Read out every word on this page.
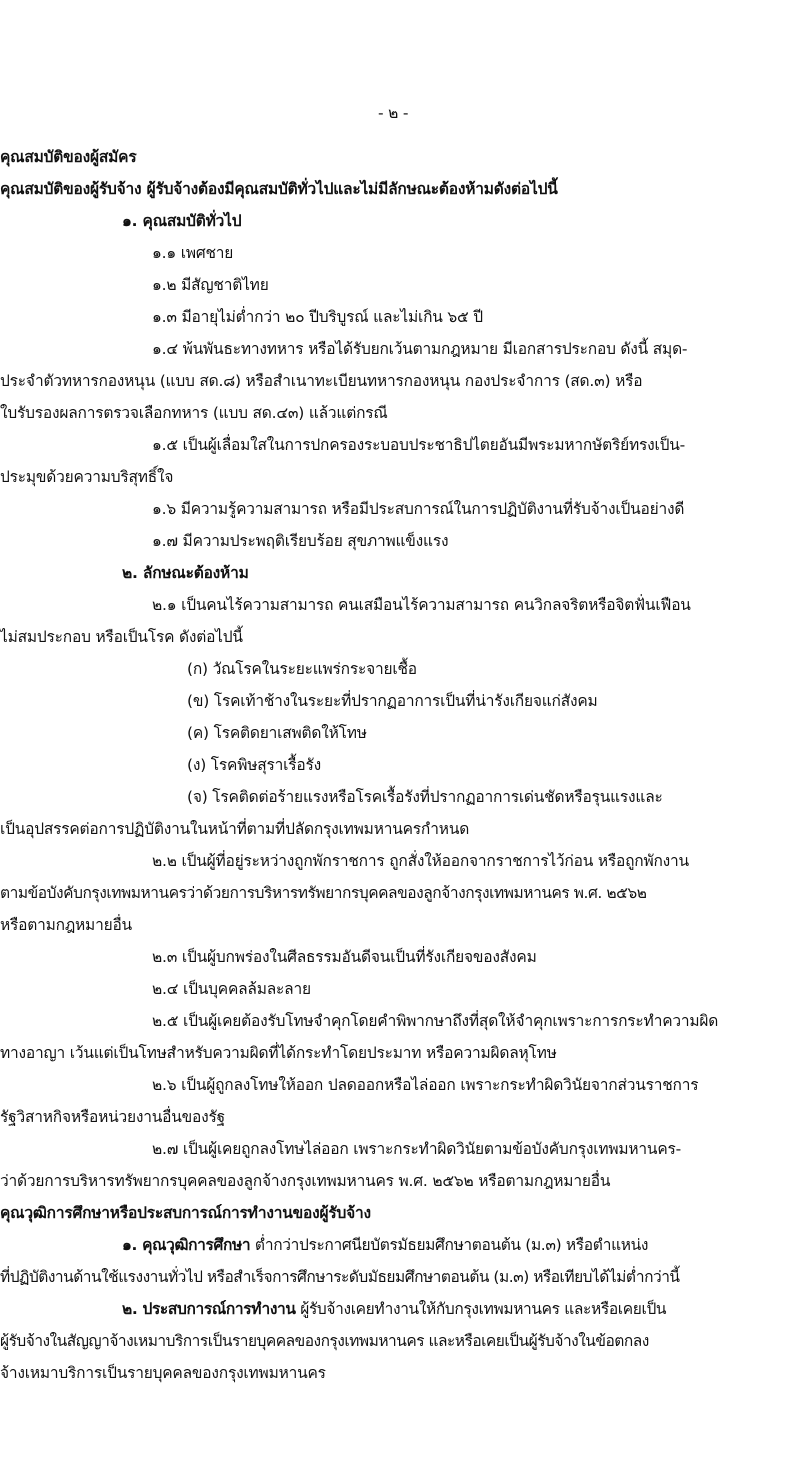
- ๒ -
คุณสมบัติของผู้สมัคร
คุณสมบัติของผู้รับจ้าง ผู้รับจ้างต้องมีคุณสมบัติทั่วไปและไม่มีลักษณะต้องห้ามดังต่อไปนี้
๑. คุณสมบัติทั่วไป
๑.๑ เพศชาย
๑.๒ มีสัญชาติไทย
๑.๓ มีอายุไม่ต่ำกว่า ๒๐ ปีบริบูรณ์ และไม่เกิน ๖๕ ปี
๑.๔ พ้นพันธะทางทหาร หรือได้รับยกเว้นตามกฎหมาย มีเอกสารประกอบ ดังนี้ สมุด-
ประจำตัวทหารกองหนุน (แบบ สด.๘) หรือสำเนาทะเบียนทหารกองหนุน กองประจำการ (สด.๓) หรือ
ใบรับรองผลการตรวจเลือกทหาร (แบบ สด.๔๓) แล้วแต่กรณี
๑.๕ เป็นผู้เลื่อมใสในการปกครองระบอบประชาธิปไตยอันมีพระมหากษัตริย์ทรงเป็น-
ประมุขด้วยความบริสุทธิ์ใจ
๑.๖ มีความรู้ความสามารถ หรือมีประสบการณ์ในการปฏิบัติงานที่รับจ้างเป็นอย่างดี
๑.๗ มีความประพฤติเรียบร้อย สุขภาพแข็งแรง
๒. ลักษณะต้องห้าม
๒.๑ เป็นคนไร้ความสามารถ คนเสมือนไร้ความสามารถ คนวิกลจริตหรือจิตฟั่นเฟือน
ไม่สมประกอบ หรือเป็นโรค ดังต่อไปนี้
(ก) วัณโรคในระยะแพร่กระจายเชื้อ
(ข) โรคเท้าช้างในระยะที่ปรากฏอาการเป็นที่น่ารังเกียจแก่สังคม
(ค) โรคติดยาเสพติดให้โทษ
(ง) โรคพิษสุราเรื้อรัง
(จ) โรคติดต่อร้ายแรงหรือโรคเรื้อรังที่ปรากฏอาการเด่นชัดหรือรุนแรงและ
เป็นอุปสรรคต่อการปฏิบัติงานในหน้าที่ตามที่ปลัดกรุงเทพมหานครกำหนด
๒.๒ เป็นผู้ที่อยู่ระหว่างถูกพักราชการ ถูกสั่งให้ออกจากราชการไว้ก่อน หรือถูกพักงาน
ตามข้อบังคับกรุงเทพมหานครว่าด้วยการบริหารทรัพยากรบุคคลของลูกจ้างกรุงเทพมหานคร พ.ศ. ๒๕๖๒
หรือตามกฎหมายอื่น
๒.๓ เป็นผู้บกพร่องในศีลธรรมอันดีจนเป็นที่รังเกียจของสังคม
๒.๔ เป็นบุคคลล้มละลาย
๒.๕ เป็นผู้เคยต้องรับโทษจำคุกโดยคำพิพากษาถึงที่สุดให้จำคุกเพราะการกระทำความผิด
ทางอาญา เว้นแต่เป็นโทษสำหรับความผิดที่ได้กระทำโดยประมาท หรือความผิดลหุโทษ
๒.๖ เป็นผู้ถูกลงโทษให้ออก ปลดออกหรือไล่ออก เพราะกระทำผิดวินัยจากส่วนราชการ
รัฐวิสาหกิจหรือหน่วยงานอื่นของรัฐ
๒.๗ เป็นผู้เคยถูกลงโทษไล่ออก เพราะกระทำผิดวินัยตามข้อบังคับกรุงเทพมหานคร-
ว่าด้วยการบริหารทรัพยากรบุคคลของลูกจ้างกรุงเทพมหานคร พ.ศ. ๒๕๖๒ หรือตามกฎหมายอื่น
คุณวุฒิการศึกษาหรือประสบการณ์การทำงานของผู้รับจ้าง
๑. คุณวุฒิการศึกษา ต่ำกว่าประกาศนียบัตรมัธยมศึกษาตอนต้น (ม.๓) หรือตำแหน่ง
ที่ปฏิบัติงานด้านใช้แรงงานทั่วไป หรือสำเร็จการศึกษาระดับมัธยมศึกษาตอนต้น (ม.๓) หรือเทียบได้ไม่ต่ำกว่านี้
๒. ประสบการณ์การทำงาน ผู้รับจ้างเคยทำงานให้กับกรุงเทพมหานคร และหรือเคยเป็น
ผู้รับจ้างในสัญญาจ้างเหมาบริการเป็นรายบุคคลของกรุงเทพมหานคร และหรือเคยเป็นผู้รับจ้างในข้อตกลง
จ้างเหมาบริการเป็นรายบุคคลของกรุงเทพมหานคร
